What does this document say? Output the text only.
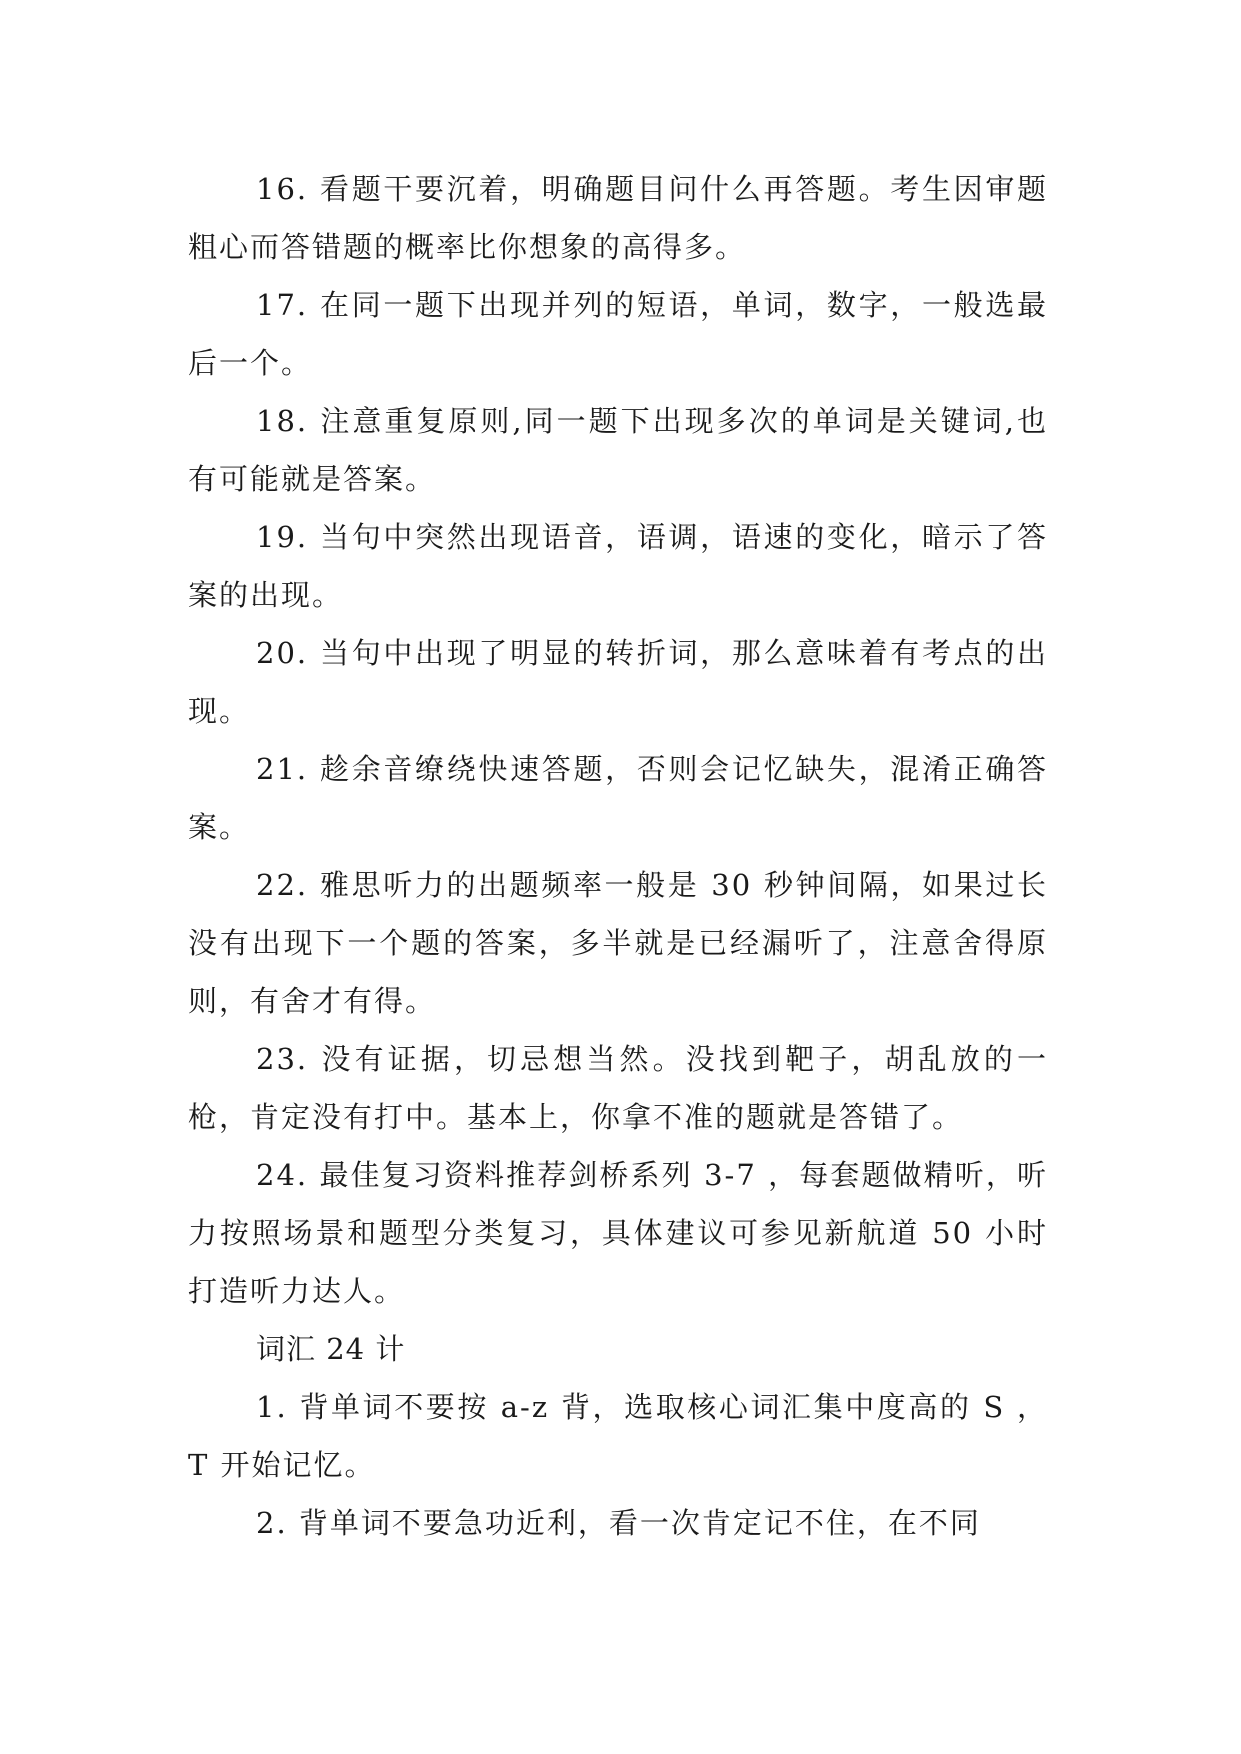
16. 看题干要沉着，明确题目问什么再答题。考生因审题粗心而答错题的概率比你想象的高得多。

17. 在同一题下出现并列的短语，单词，数字，一般选最后一个。

18. 注意重复原则,同一题下出现多次的单词是关键词,也有可能就是答案。

19. 当句中突然出现语音，语调，语速的变化，暗示了答案的出现。

20. 当句中出现了明显的转折词，那么意味着有考点的出现。

21. 趁余音缭绕快速答题，否则会记忆缺失，混淆正确答案。

22. 雅思听力的出题频率一般是 30 秒钟间隔，如果过长没有出现下一个题的答案，多半就是已经漏听了，注意舍得原则，有舍才有得。

23. 没有证据，切忌想当然。没找到靶子，胡乱放的一枪，肯定没有打中。基本上，你拿不准的题就是答错了。

24. 最佳复习资料推荐剑桥系列 3-7 ，每套题做精听，听力按照场景和题型分类复习，具体建议可参见新航道 50 小时打造听力达人。

词汇 24 计

1. 背单词不要按 a-z 背，选取核心词汇集中度高的 S ， T 开始记忆。

2. 背单词不要急功近利，看一次肯定记不住，在不同
